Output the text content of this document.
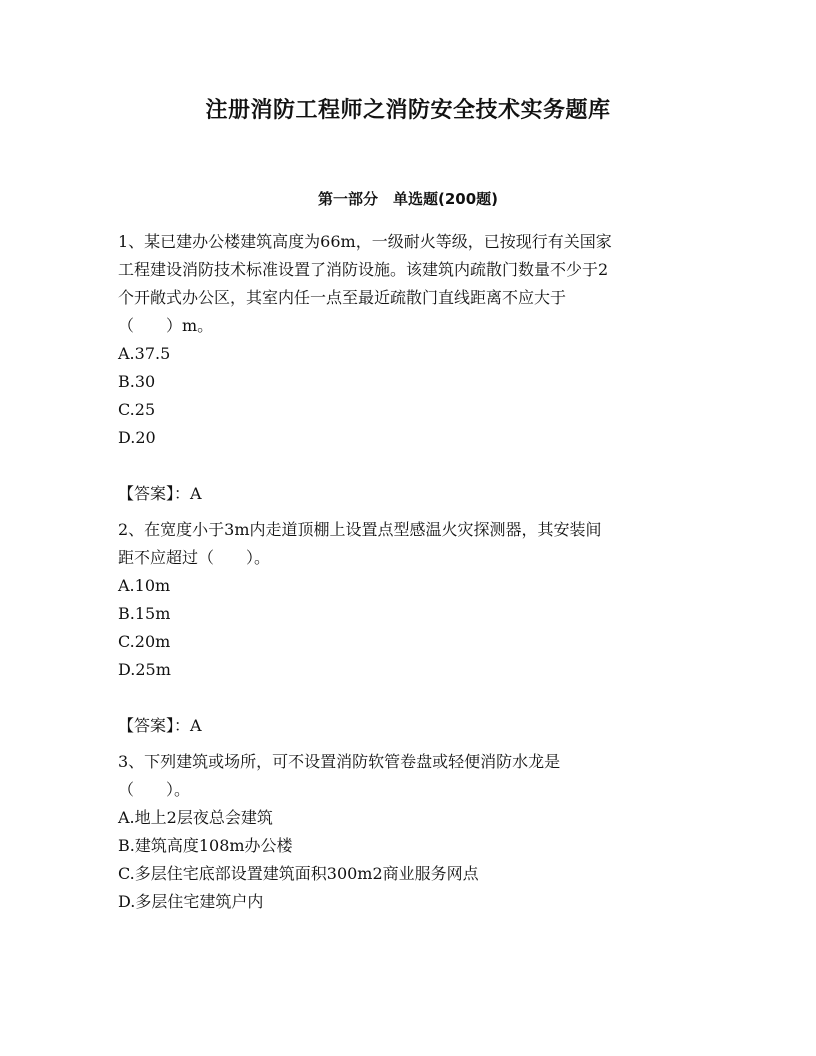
注册消防工程师之消防安全技术实务题库
第一部分　单选题(200题)

1、某已建办公楼建筑高度为66m，一级耐火等级，已按现行有关国家

工程建设消防技术标准设置了消防设施。该建筑内疏散门数量不少于2

个开敞式办公区，其室内任一点至最近疏散门直线距离不应大于

（　　）m。

A.37.5

B.30

C.25

D.20

【答案】：A

2、在宽度小于3m内走道顶棚上设置点型感温火灾探测器，其安装间

距不应超过（　　）。

A.10m

B.15m

C.20m

D.25m

【答案】：A

3、下列建筑或场所，可不设置消防软管卷盘或轻便消防水龙是

（　　）。

A.地上2层夜总会建筑

B.建筑高度108m办公楼

C.多层住宅底部设置建筑面积300m2商业服务网点

D.多层住宅建筑户内
